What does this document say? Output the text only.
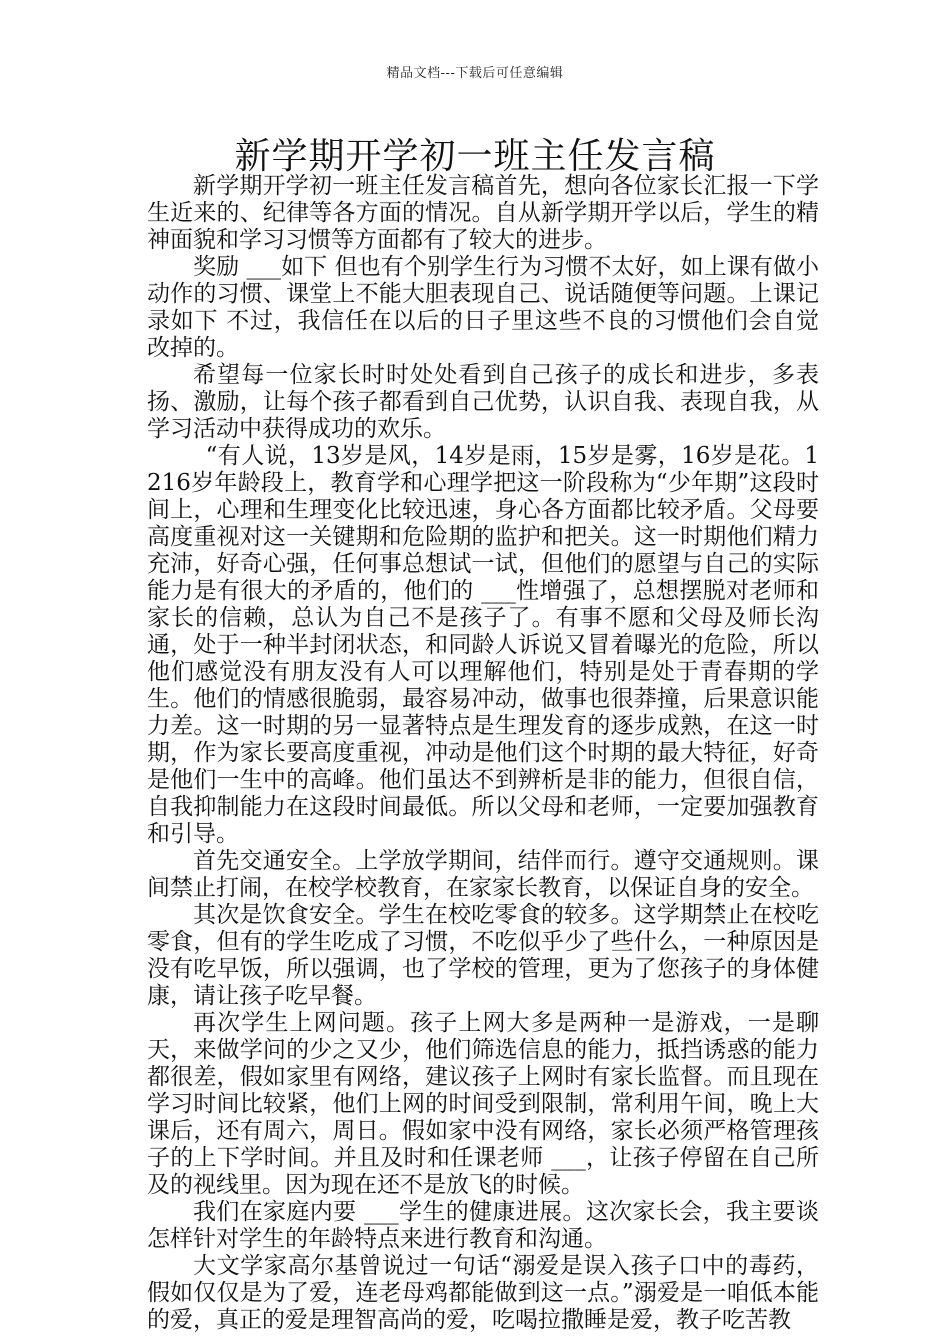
精品文档---下载后可任意编辑
新学期开学初一班主任发言稿

新学期开学初一班主任发言稿首先，想向各位家长汇报一下学生近来的、纪律等各方面的情况。自从新学期开学以后，学生的精神面貌和学习习惯等方面都有了较大的进步。

奖励 ___如下 但也有个别学生行为习惯不太好，如上课有做小动作的习惯、课堂上不能大胆表现自己、说话随便等问题。上课记录如下 不过，我信任在以后的日子里这些不良的习惯他们会自觉改掉的。

希望每一位家长时时处处看到自己孩子的成长和进步，多表扬、激励，让每个孩子都看到自己优势，认识自我、表现自我，从学习活动中获得成功的欢乐。

“有人说，13岁是风，14岁是雨，15岁是雾，16岁是花。1216岁年龄段上，教育学和心理学把这一阶段称为“少年期”这段时间上，心理和生理变化比较迅速，身心各方面都比较矛盾。父母要高度重视对这一关键期和危险期的监护和把关。这一时期他们精力充沛，好奇心强，任何事总想试一试，但他们的愿望与自己的实际能力是有很大的矛盾的，他们的 ___性增强了，总想摆脱对老师和家长的信赖，总认为自己不是孩子了。有事不愿和父母及师长沟通，处于一种半封闭状态，和同龄人诉说又冒着曝光的危险，所以他们感觉没有朋友没有人可以理解他们，特别是处于青春期的学生。他们的情感很脆弱，最容易冲动，做事也很莽撞，后果意识能力差。这一时期的另一显著特点是生理发育的逐步成熟，在这一时期，作为家长要高度重视，冲动是他们这个时期的最大特征，好奇是他们一生中的高峰。他们虽达不到辨析是非的能力，但很自信，自我抑制能力在这段时间最低。所以父母和老师，一定要加强教育和引导。

首先交通安全。上学放学期间，结伴而行。遵守交通规则。课间禁止打闹，在校学校教育，在家家长教育，以保证自身的安全。

其次是饮食安全。学生在校吃零食的较多。这学期禁止在校吃零食，但有的学生吃成了习惯，不吃似乎少了些什么，一种原因是没有吃早饭，所以强调，也了学校的管理，更为了您孩子的身体健康，请让孩子吃早餐。

再次学生上网问题。孩子上网大多是两种一是游戏，一是聊天，来做学问的少之又少，他们筛选信息的能力，抵挡诱惑的能力都很差，假如家里有网络，建议孩子上网时有家长监督。而且现在学习时间比较紧，他们上网的时间受到限制，常利用午间，晚上大课后，还有周六，周日。假如家中没有网络，家长必须严格管理孩子的上下学时间。并且及时和任课老师 ___，让孩子停留在自己所及的视线里。因为现在还不是放飞的时候。

我们在家庭内要 ___学生的健康进展。这次家长会，我主要谈怎样针对学生的年龄特点来进行教育和沟通。

大文学家高尔基曾说过一句话“溺爱是误入孩子口中的毒药，假如仅仅是为了爱，连老母鸡都能做到这一点。”溺爱是一咱低本能的爱，真正的爱是理智高尚的爱，吃喝拉撒睡是爱，教子吃苦教
